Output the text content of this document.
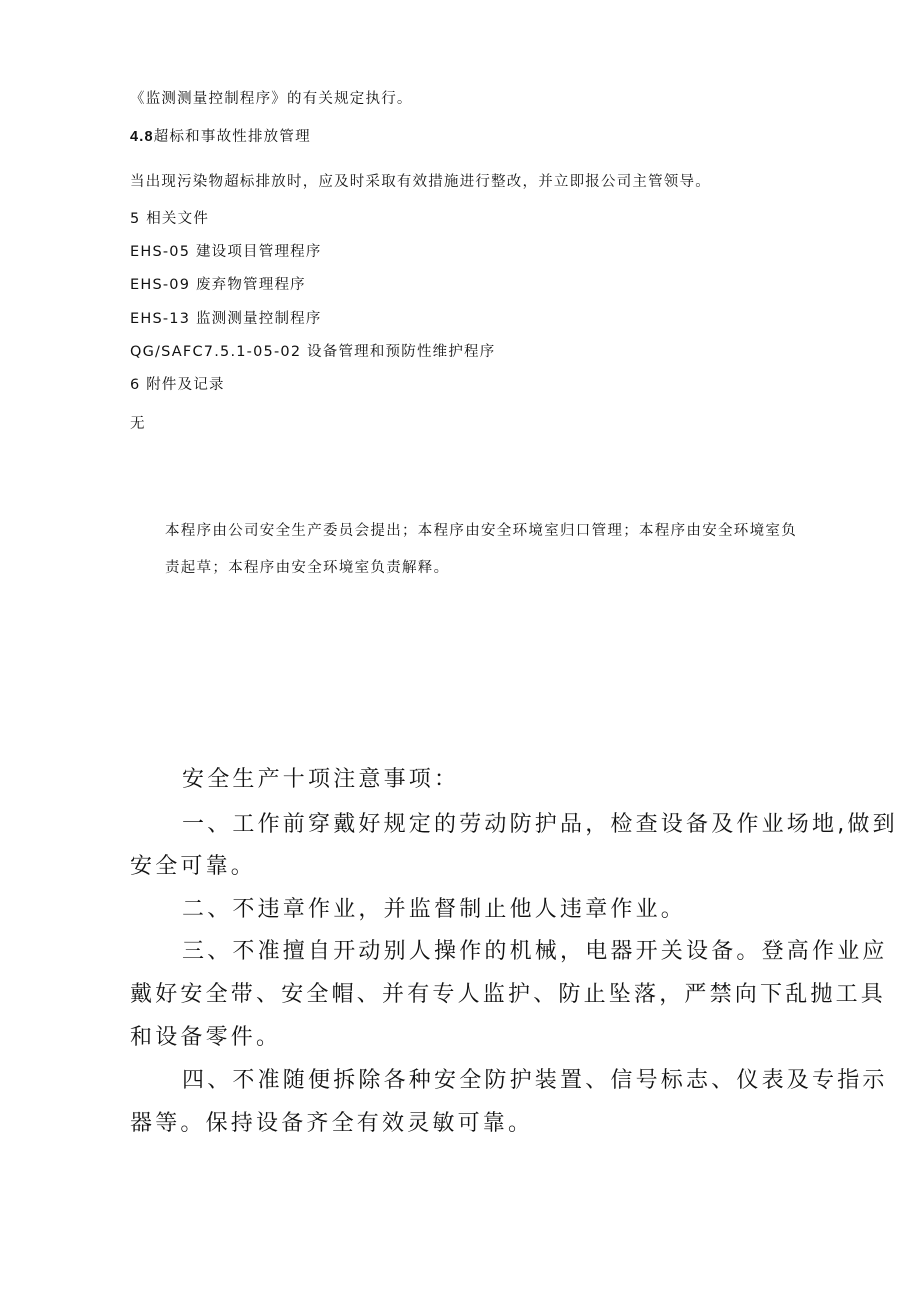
《监测测量控制程序》的有关规定执行。
4.8超标和事故性排放管理
当出现污染物超标排放时，应及时采取有效措施进行整改，并立即报公司主管领导。
5 相关文件
EHS-05 建设项目管理程序
EHS-09 废弃物管理程序
EHS-13 监测测量控制程序
QG/SAFC7.5.1-05-02 设备管理和预防性维护程序
6 附件及记录
无
本程序由公司安全生产委员会提出；本程序由安全环境室归口管理；本程序由安全环境室负
责起草；本程序由安全环境室负责解释。
安全生产十项注意事项：
一、工作前穿戴好规定的劳动防护品，检查设备及作业场地,做到
安全可靠。
二、不违章作业，并监督制止他人违章作业。
三、不准擅自开动别人操作的机械，电器开关设备。登高作业应
戴好安全带、安全帽、并有专人监护、防止坠落，严禁向下乱抛工具
和设备零件。
四、不准随便拆除各种安全防护装置、信号标志、仪表及专指示
器等。保持设备齐全有效灵敏可靠。
